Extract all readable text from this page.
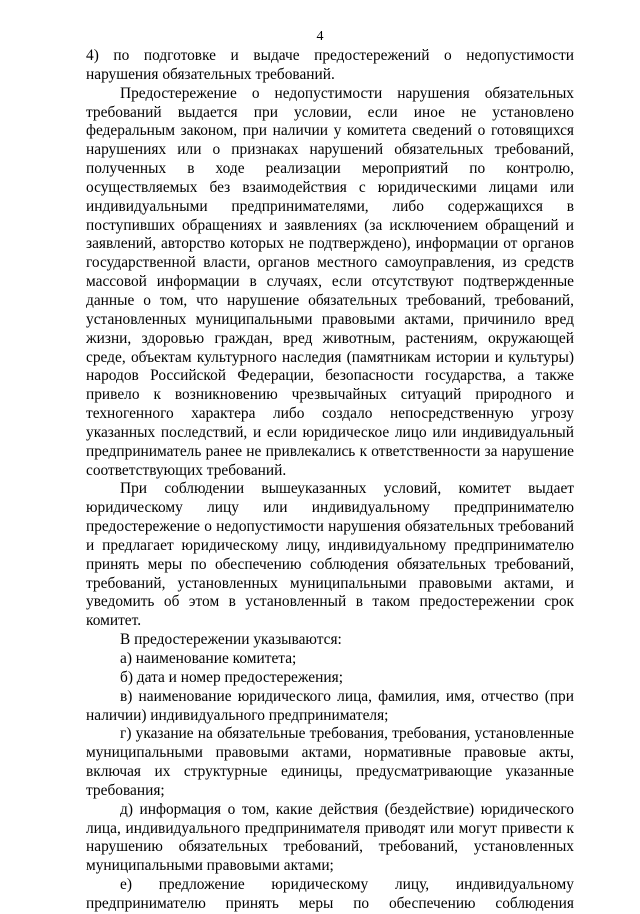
4

4) по подготовке и выдаче предостережений о недопустимости нарушения обязательных требований.

Предостережение о недопустимости нарушения обязательных требований выдается при условии, если иное не установлено федеральным законом, при наличии у комитета сведений о готовящихся нарушениях или о признаках нарушений обязательных требований, полученных в ходе реализации мероприятий по контролю, осуществляемых без взаимодействия с юридическими лицами или индивидуальными предпринимателями, либо содержащихся в поступивших обращениях и заявлениях (за исключением обращений и заявлений, авторство которых не подтверждено), информации от органов государственной власти, органов местного самоуправления, из средств массовой информации в случаях, если отсутствуют подтвержденные данные о том, что нарушение обязательных требований, требований, установленных муниципальными правовыми актами, причинило вред жизни, здоровью граждан, вред животным, растениям, окружающей среде, объектам культурного наследия (памятникам истории и культуры) народов Российской Федерации, безопасности государства, а также привело к возникновению чрезвычайных ситуаций природного и техногенного характера либо создало непосредственную угрозу указанных последствий, и если юридическое лицо или индивидуальный предприниматель ранее не привлекались к ответственности за нарушение соответствующих требований.

При соблюдении вышеуказанных условий, комитет выдает юридическому лицу или индивидуальному предпринимателю предостережение о недопустимости нарушения обязательных требований и предлагает юридическому лицу, индивидуальному предпринимателю принять меры по обеспечению соблюдения обязательных требований, требований, установленных муниципальными правовыми актами, и уведомить об этом в установленный в таком предостережении срок комитет.

В предостережении указываются:

а) наименование комитета;

б) дата и номер предостережения;

в) наименование юридического лица, фамилия, имя, отчество (при наличии) индивидуального предпринимателя;

г) указание на обязательные требования, требования, установленные муниципальными правовыми актами, нормативные правовые акты, включая их структурные единицы, предусматривающие указанные требования;

д) информация о том, какие действия (бездействие) юридического лица, индивидуального предпринимателя приводят или могут привести к нарушению обязательных требований, требований, установленных муниципальными правовыми актами;

е) предложение юридическому лицу, индивидуальному предпринимателю принять меры по обеспечению соблюдения
